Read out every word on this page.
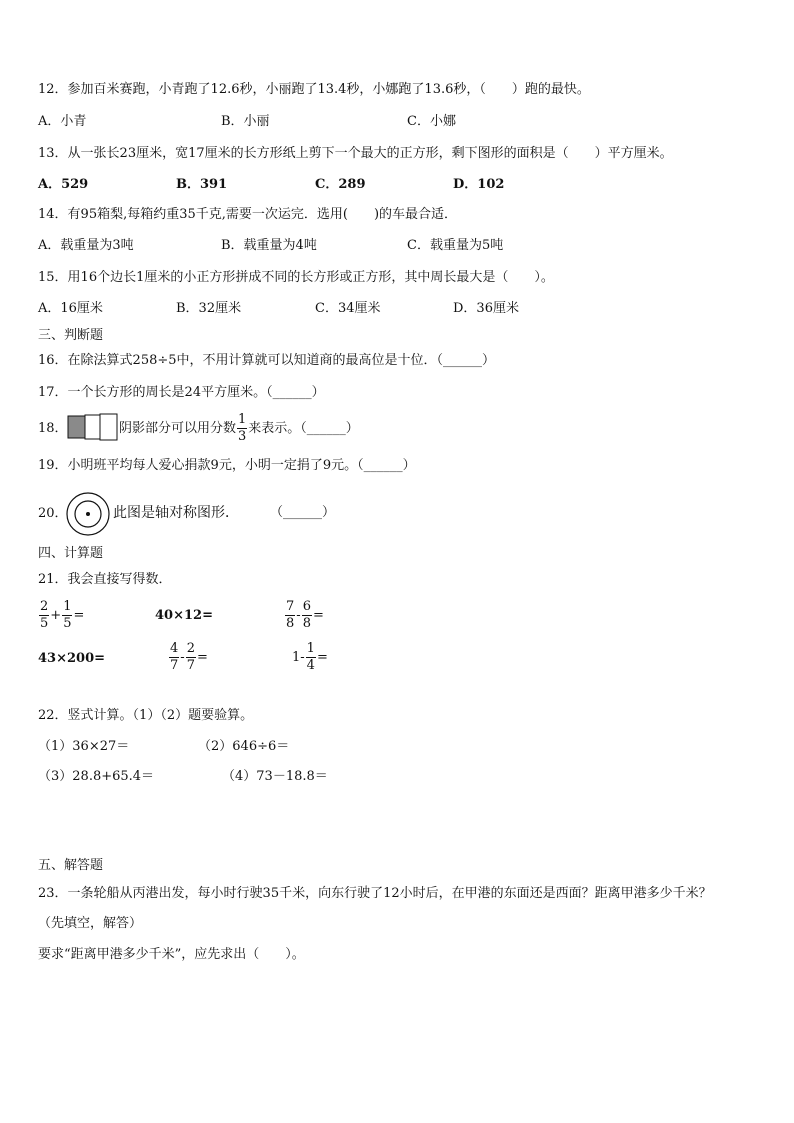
12．参加百米赛跑，小青跑了12.6秒，小丽跑了13.4秒，小娜跑了13.6秒，（　　）跑的最快。
A．小青	B．小丽	C．小娜
13．从一张长23厘米，宽17厘米的长方形纸上剪下一个最大的正方形，剩下图形的面积是（　　）平方厘米。
A．529	B．391	C．289	D．102
14．有95箱梨,每箱约重35千克,需要一次运完．选用(　　)的车最合适．
A．载重量为3吨	B．载重量为4吨	C．载重量为5吨
15．用16个边长1厘米的小正方形拼成不同的长方形或正方形，其中周长最大是（　　）。
A．16厘米	B．32厘米	C．34厘米	D．36厘米
三、判断题
16．在除法算式258÷5中，不用计算就可以知道商的最高位是十位．（______）
17．一个长方形的周长是24平方厘米。（______）
18．	阴影部分可以用分数 $\frac{1}{3}$ 来表示。（______）
19．小明班平均每人爱心捐款9元，小明一定捐了9元。（______）
20．	此图是轴对称图形． （______）
四、计算题
21．我会直接写得数．
$\frac{2}{5} + \frac{1}{5}$ =	40×12=	$\frac{7}{8} - \frac{6}{8}$ =
43×200=	$\frac{4}{7} - \frac{2}{7}$ =	$1- \frac{1}{4}$ =
22．竖式计算。（1）（2）题要验算。
（1）36×27＝	（2）646÷6＝
（3）28.8+65.4＝	（4）73－18.8＝
五、解答题
23．一条轮船从丙港出发，每小时行驶35千米，向东行驶了12小时后，在甲港的东面还是西面？距离甲港多少千米？
（先填空，解答）
要求“距离甲港多少千米”，应先求出（　　）。
